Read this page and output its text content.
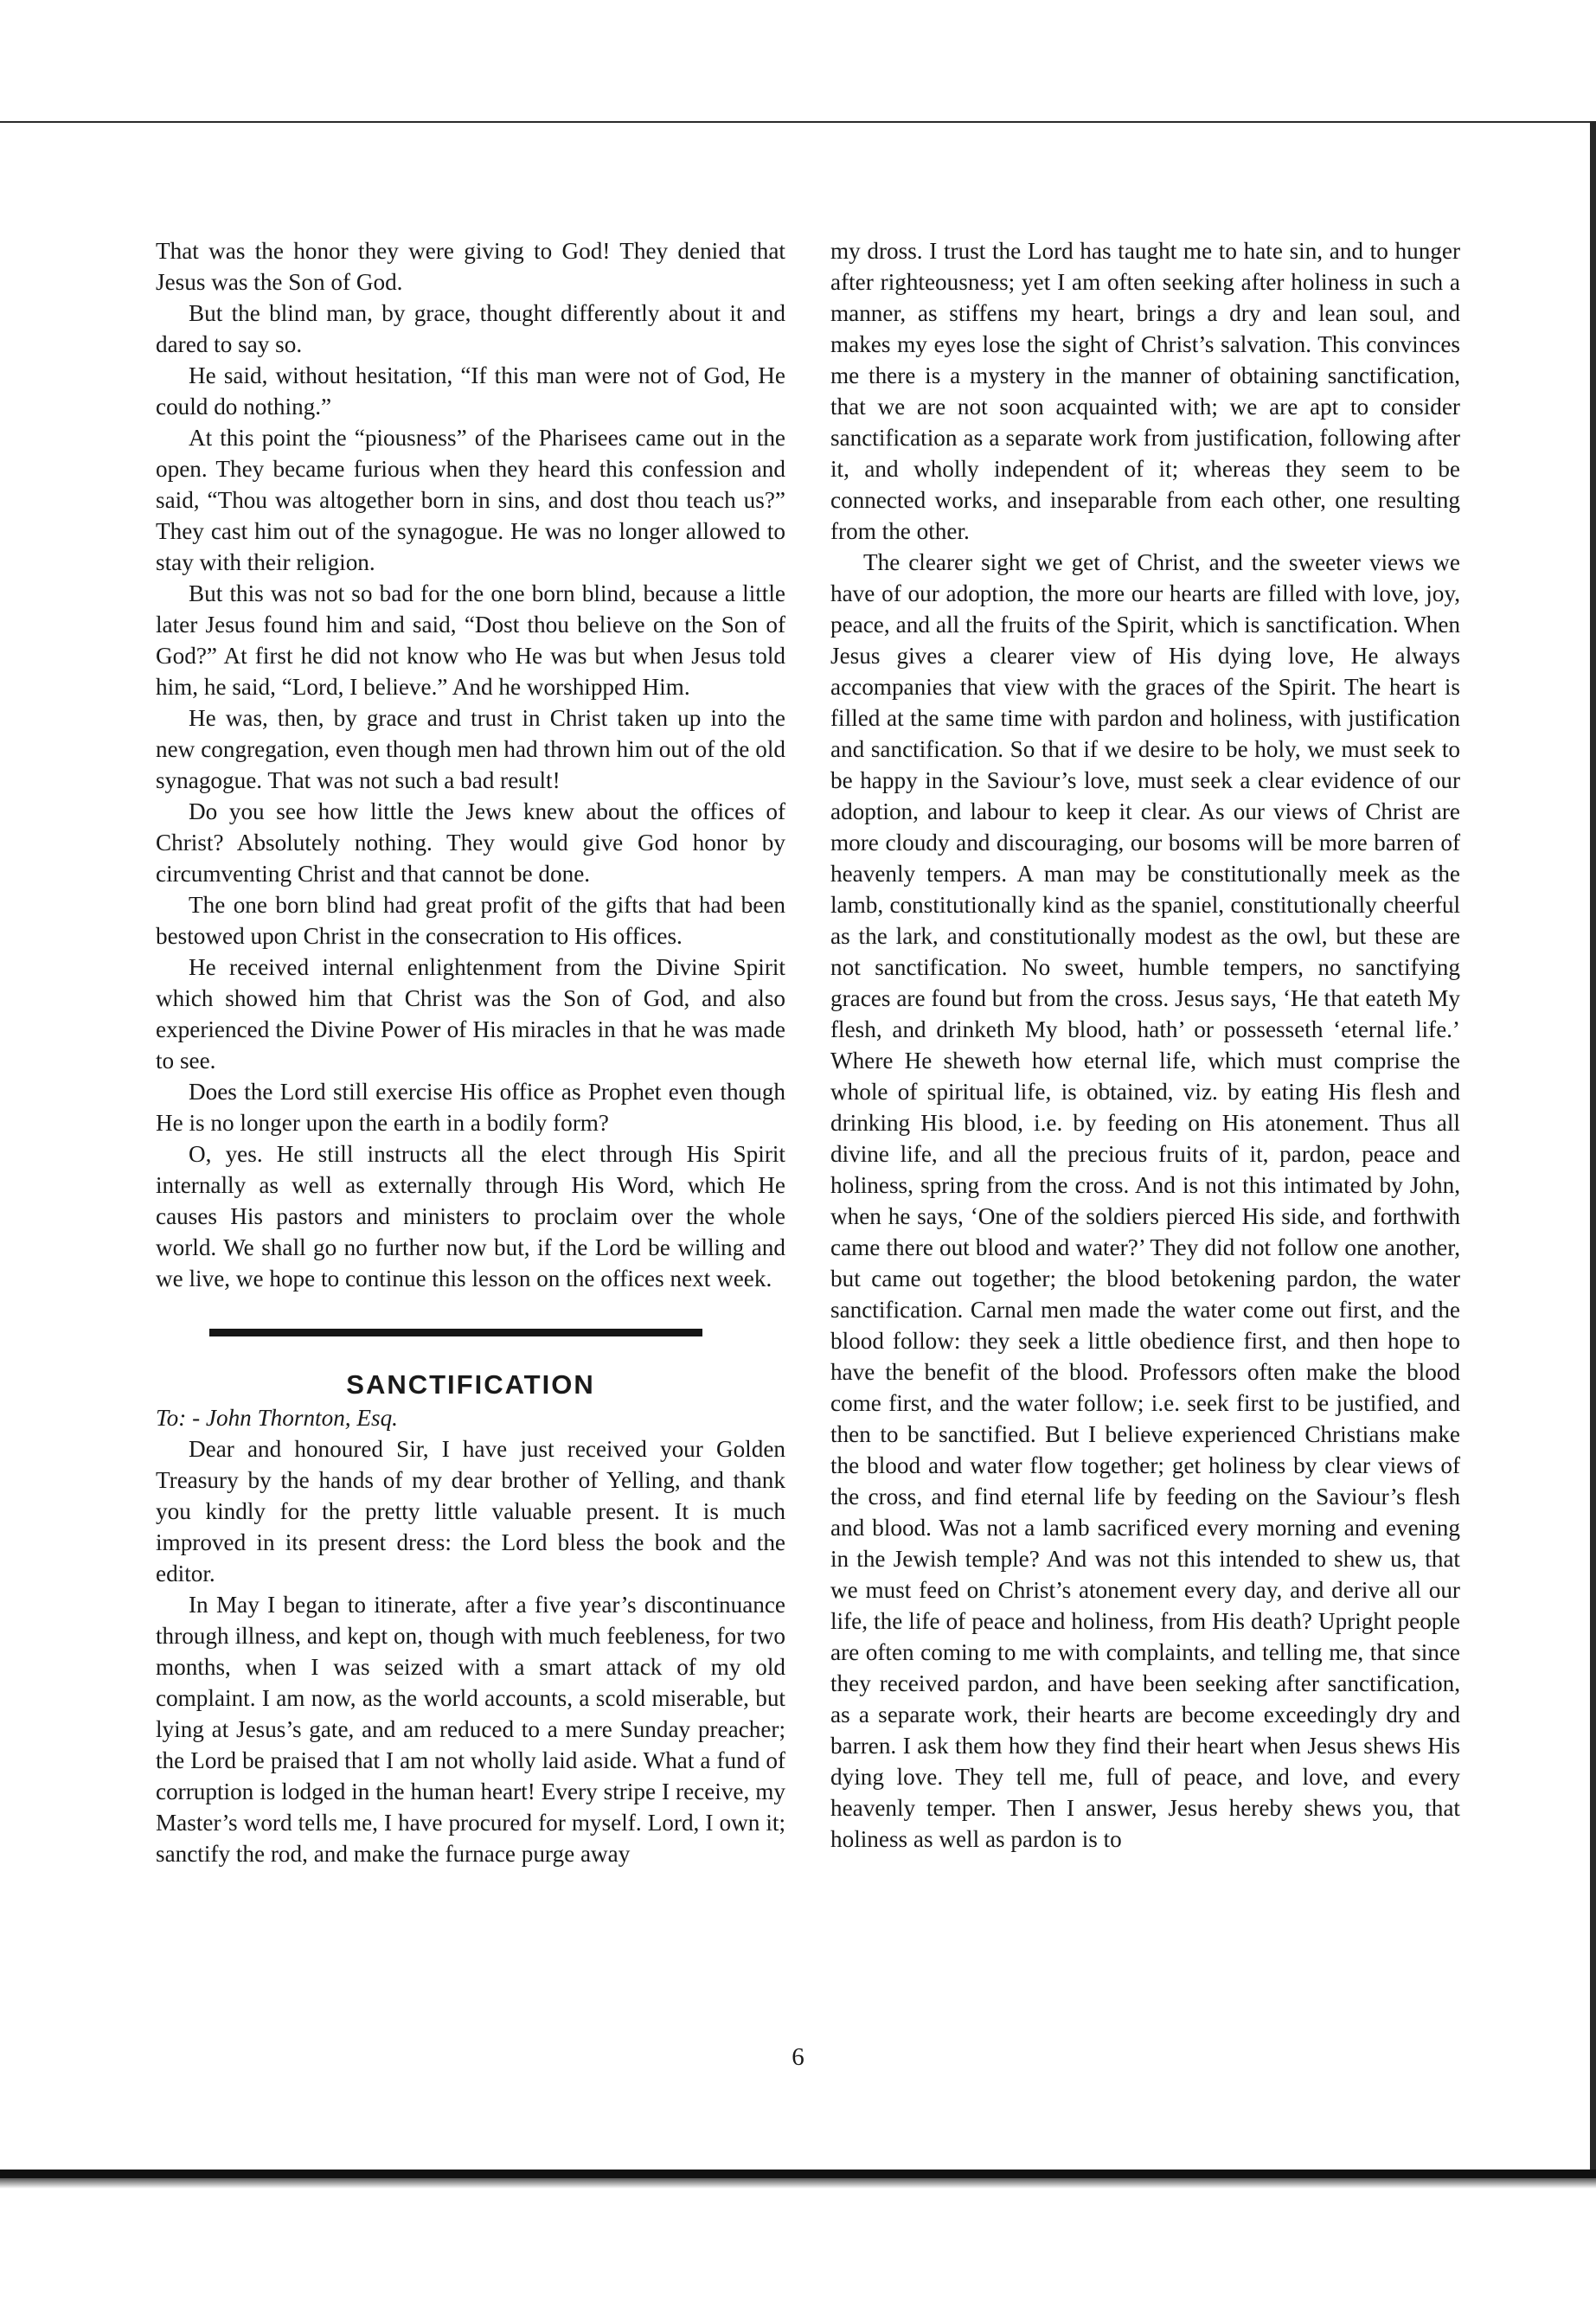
That was the honor they were giving to God! They denied that Jesus was the Son of God.

But the blind man, by grace, thought differently about it and dared to say so.

He said, without hesitation, “If this man were not of God, He could do nothing.”

At this point the “piousness” of the Pharisees came out in the open. They became furious when they heard this confession and said, “Thou was altogether born in sins, and dost thou teach us?” They cast him out of the synagogue. He was no longer allowed to stay with their religion.

But this was not so bad for the one born blind, because a little later Jesus found him and said, “Dost thou believe on the Son of God?” At first he did not know who He was but when Jesus told him, he said, “Lord, I believe.” And he worshipped Him.

He was, then, by grace and trust in Christ taken up into the new congregation, even though men had thrown him out of the old synagogue. That was not such a bad result!

Do you see how little the Jews knew about the offices of Christ? Absolutely nothing. They would give God honor by circumventing Christ and that cannot be done.

The one born blind had great profit of the gifts that had been bestowed upon Christ in the consecration to His offices.

He received internal enlightenment from the Divine Spirit which showed him that Christ was the Son of God, and also experienced the Divine Power of His miracles in that he was made to see.

Does the Lord still exercise His office as Prophet even though He is no longer upon the earth in a bodily form?

O, yes. He still instructs all the elect through His Spirit internally as well as externally through His Word, which He causes His pastors and ministers to proclaim over the whole world. We shall go no further now but, if the Lord be willing and we live, we hope to continue this lesson on the offices next week.

SANCTIFICATION

To: - John Thornton, Esq.

Dear and honoured Sir, I have just received your Golden Treasury by the hands of my dear brother of Yelling, and thank you kindly for the pretty little valuable present. It is much improved in its present dress: the Lord bless the book and the editor.

In May I began to itinerate, after a five year’s discontinuance through illness, and kept on, though with much feebleness, for two months, when I was seized with a smart attack of my old complaint. I am now, as the world accounts, a scold miserable, but lying at Jesus’s gate, and am reduced to a mere Sunday preacher; the Lord be praised that I am not wholly laid aside. What a fund of corruption is lodged in the human heart! Every stripe I receive, my Master’s word tells me, I have procured for myself. Lord, I own it; sanctify the rod, and make the furnace purge away

my dross. I trust the Lord has taught me to hate sin, and to hunger after righteousness; yet I am often seeking after holiness in such a manner, as stiffens my heart, brings a dry and lean soul, and makes my eyes lose the sight of Christ’s salvation. This convinces me there is a mystery in the manner of obtaining sanctification, that we are not soon acquainted with; we are apt to consider sanctification as a separate work from justification, following after it, and wholly independent of it; whereas they seem to be connected works, and inseparable from each other, one resulting from the other.

The clearer sight we get of Christ, and the sweeter views we have of our adoption, the more our hearts are filled with love, joy, peace, and all the fruits of the Spirit, which is sanctification. When Jesus gives a clearer view of His dying love, He always accompanies that view with the graces of the Spirit. The heart is filled at the same time with pardon and holiness, with justification and sanctification. So that if we desire to be holy, we must seek to be happy in the Saviour’s love, must seek a clear evidence of our adoption, and labour to keep it clear. As our views of Christ are more cloudy and discouraging, our bosoms will be more barren of heavenly tempers. A man may be constitutionally meek as the lamb, constitutionally kind as the spaniel, constitutionally cheerful as the lark, and constitutionally modest as the owl, but these are not sanctification. No sweet, humble tempers, no sanctifying graces are found but from the cross. Jesus says, ‘He that eateth My flesh, and drinketh My blood, hath’ or possesseth ‘eternal life.’ Where He sheweth how eternal life, which must comprise the whole of spiritual life, is obtained, viz. by eating His flesh and drinking His blood, i.e. by feeding on His atonement. Thus all divine life, and all the precious fruits of it, pardon, peace and holiness, spring from the cross. And is not this intimated by John, when he says, ‘One of the soldiers pierced His side, and forthwith came there out blood and water?’ They did not follow one another, but came out together; the blood betokening pardon, the water sanctification. Carnal men made the water come out first, and the blood follow: they seek a little obedience first, and then hope to have the benefit of the blood. Professors often make the blood come first, and the water follow; i.e. seek first to be justified, and then to be sanctified. But I believe experienced Christians make the blood and water flow together; get holiness by clear views of the cross, and find eternal life by feeding on the Saviour’s flesh and blood. Was not a lamb sacrificed every morning and evening in the Jewish temple? And was not this intended to shew us, that we must feed on Christ’s atonement every day, and derive all our life, the life of peace and holiness, from His death? Upright people are often coming to me with complaints, and telling me, that since they received pardon, and have been seeking after sanctification, as a separate work, their hearts are become exceedingly dry and barren. I ask them how they find their heart when Jesus shews His dying love. They tell me, full of peace, and love, and every heavenly temper. Then I answer, Jesus hereby shews you, that holiness as well as pardon is to

6
